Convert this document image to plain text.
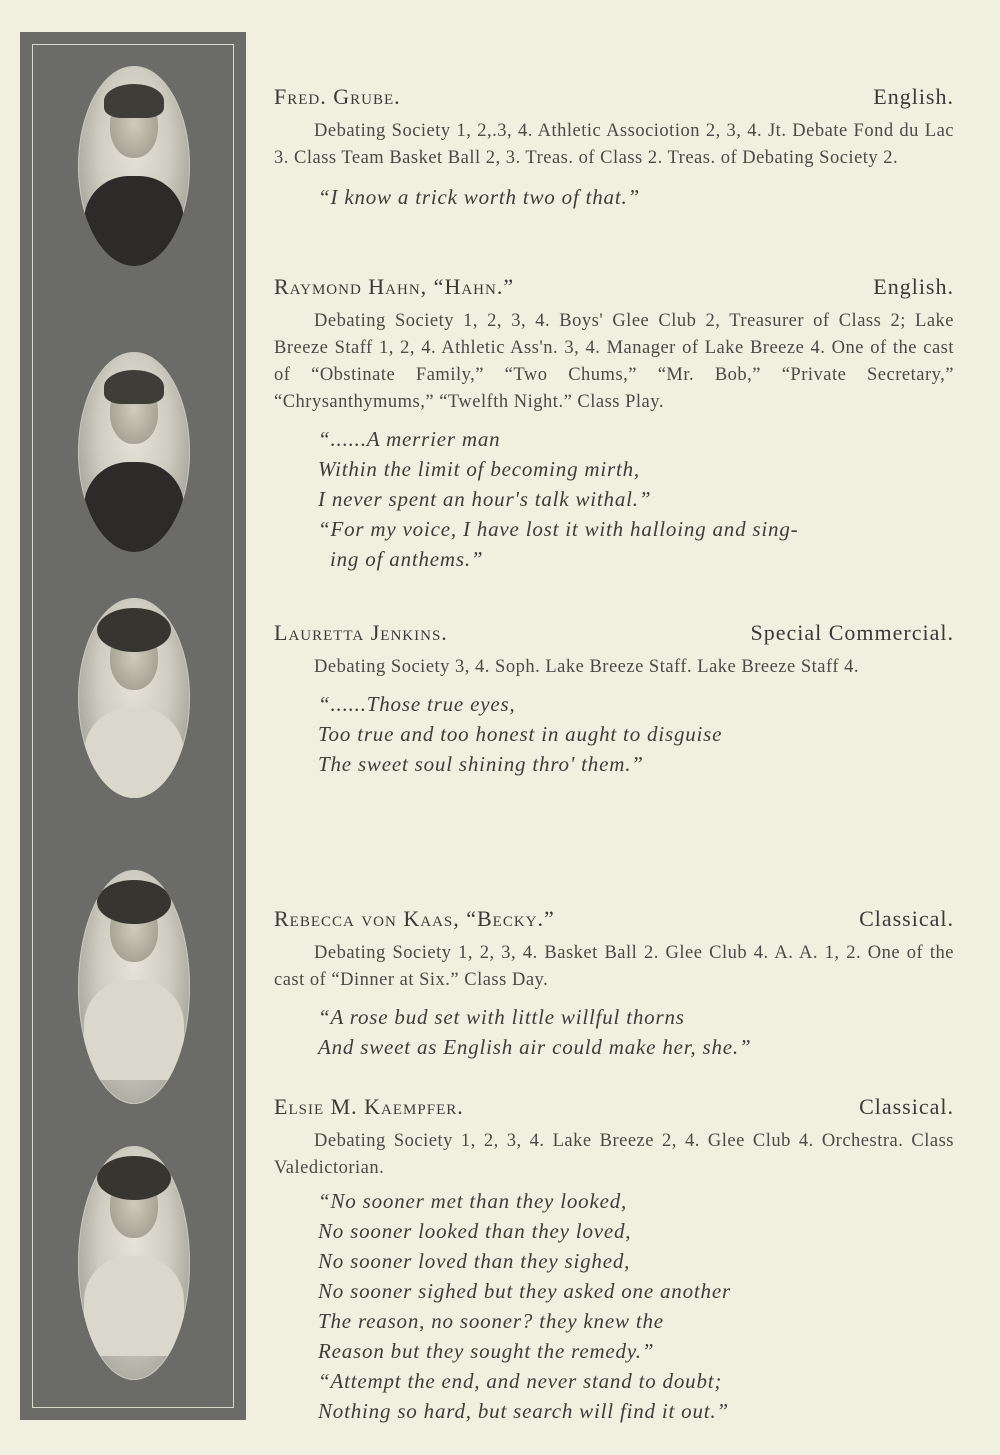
Fred. Grube.	English.
Debating Society 1, 2,.3, 4. Athletic Associotion 2, 3, 4. Jt. Debate Fond du Lac 3. Class Team Basket Ball 2, 3. Treas. of Class 2. Treas. of Debating Society 2.
“I know a trick worth two of that.”
Raymond Hahn, “Hahn.”	English.
Debating Society 1, 2, 3, 4. Boys' Glee Club 2, Treasurer of Class 2; Lake Breeze Staff 1, 2, 4. Athletic Ass'n. 3, 4. Manager of Lake Breeze 4. One of the cast of “Obstinate Family,” “Two Chums,” “Mr. Bob,” “Private Secretary,” “Chrysanthymums,” “Twelfth Night.” Class Play.
“......A merrier man
Within the limit of becoming mirth,
I never spent an hour's talk withal.”
“For my voice, I have lost it with halloing and sing-
ing of anthems.”
Lauretta Jenkins.	Special Commercial.
Debating Society 3, 4. Soph. Lake Breeze Staff. Lake Breeze Staff 4.
“......Those true eyes,
Too true and too honest in aught to disguise
The sweet soul shining thro' them.”
Rebecca von Kaas, “Becky.”	Classical.
Debating Society 1, 2, 3, 4. Basket Ball 2. Glee Club 4. A. A. 1, 2. One of the cast of “Dinner at Six.” Class Day.
“A rose bud set with little willful thorns
And sweet as English air could make her, she.”
Elsie M. Kaempfer.	Classical.
Debating Society 1, 2, 3, 4. Lake Breeze 2, 4. Glee Club 4. Orchestra. Class Valedictorian.
“No sooner met than they looked,
No sooner looked than they loved,
No sooner loved than they sighed,
No sooner sighed but they asked one another
The reason, no sooner? they knew the
Reason but they sought the remedy.”
“Attempt the end, and never stand to doubt;
Nothing so hard, but search will find it out.”
